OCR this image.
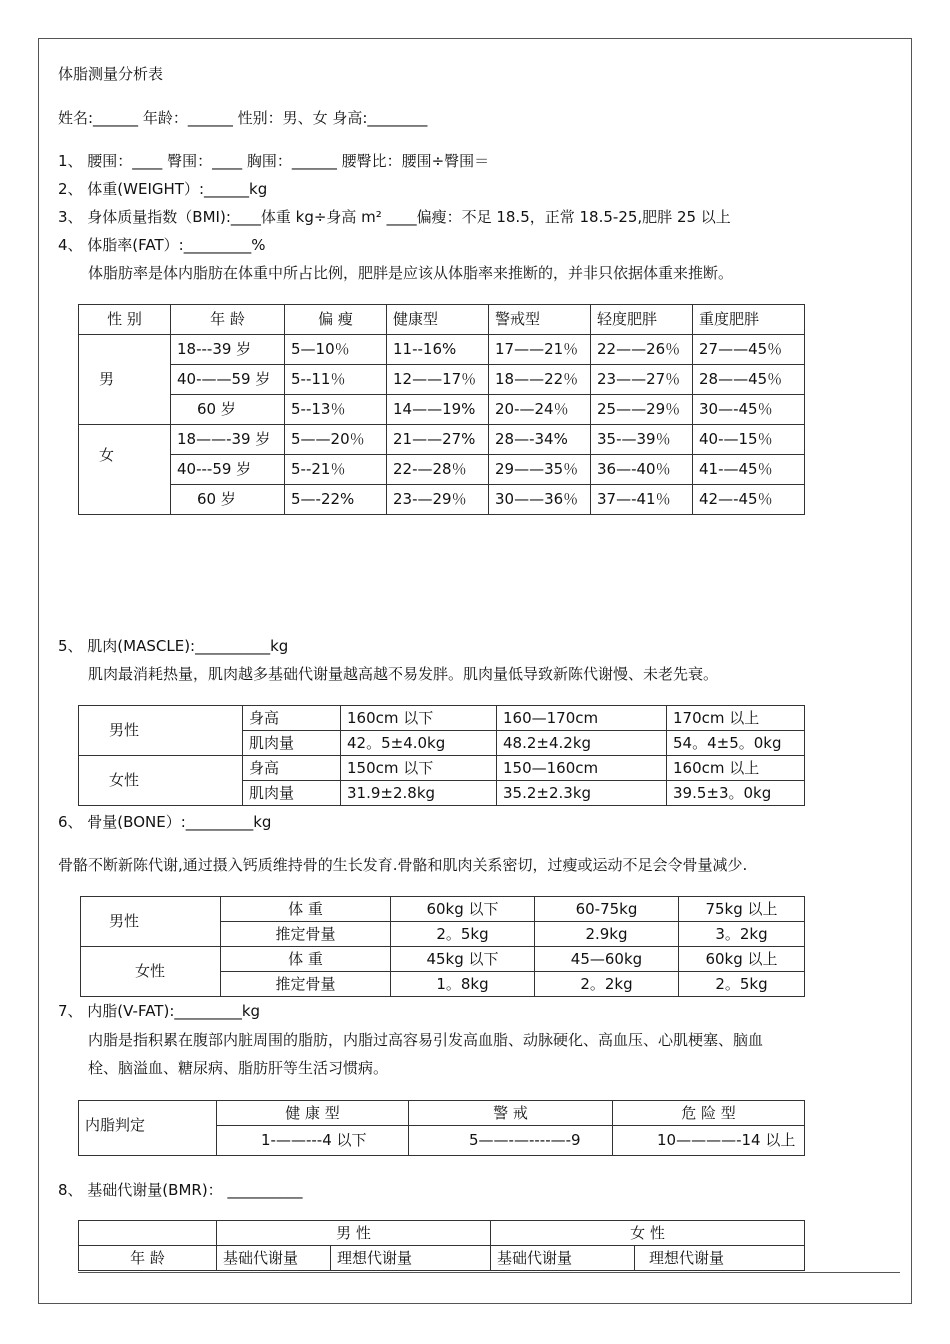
体脂测量分析表
姓名:______ 年龄：______ 性别：男、女 身高:________
1、 腰围：____ 臀围：____ 胸围：______ 腰臀比：腰围÷臀围＝
2、 体重(WEIGHT）:______kg
3、 身体质量指数（BMI):____体重 kg÷身高 m² ____偏瘦：不足 18.5，正常 18.5-25,肥胖 25 以上
4、 体脂率(FAT）:_________%
体脂肪率是体内脂肪在体重中所占比例，肥胖是应该从体脂率来推断的，并非只依据体重来推断。
性 别	年 龄	偏 瘦	健康型	警戒型	轻度肥胖	重度肥胖
男	18---39 岁	5—10％	11--16%	17——21％	22——26％	27——45％
	40-——59 岁	5--11％	12——17％	18——22％	23——27％	28——45％
	60 岁	5--13％	14——19%	20-—24％	25——29％	30—-45％
女	18——-39 岁	5——20％	21——27%	28—-34%	35-—39％	40-—15％
	40---59 岁	5--21％	22-—28％	29——35％	36—-40％	41-—45％
	60 岁	5—-22%	23-—29％	30——36％	37—-41％	42—-45％
5、 肌肉(MASCLE):__________kg
肌肉最消耗热量，肌肉越多基础代谢量越高越不易发胖。肌肉量低导致新陈代谢慢、未老先衰。
男性	身高	160cm 以下	160—170cm	170cm 以上
	肌肉量	42。5±4.0kg	48.2±4.2kg	54。4±5。0kg
女性	身高	150cm 以下	150—160cm	160cm 以上
	肌肉量	31.9±2.8kg	35.2±2.3kg	39.5±3。0kg
6、 骨量(BONE）:_________kg
骨骼不断新陈代谢,通过摄入钙质维持骨的生长发育.骨骼和肌肉关系密切，过瘦或运动不足会令骨量减少.
男性	体 重	60kg 以下	60-75kg	75kg 以上
	推定骨量	2。5kg	2.9kg	3。2kg
女性	体 重	45kg 以下	45—60kg	60kg 以上
	推定骨量	1。8kg	2。2kg	2。5kg
7、 内脂(V-FAT):_________kg
内脂是指积累在腹部内脏周围的脂肪，内脂过高容易引发高血脂、动脉硬化、高血压、心肌梗塞、脑血
栓、脑溢血、糖尿病、脂肪肝等生活习惯病。
内脂判定	健 康 型	警 戒	危 险 型
	1-——---4 以下	5——-—----—-9	10————-14 以上
8、 基础代谢量(BMR)： __________
	男 性		女 性	
年 龄	基础代谢量	理想代谢量	基础代谢量	理想代谢量
